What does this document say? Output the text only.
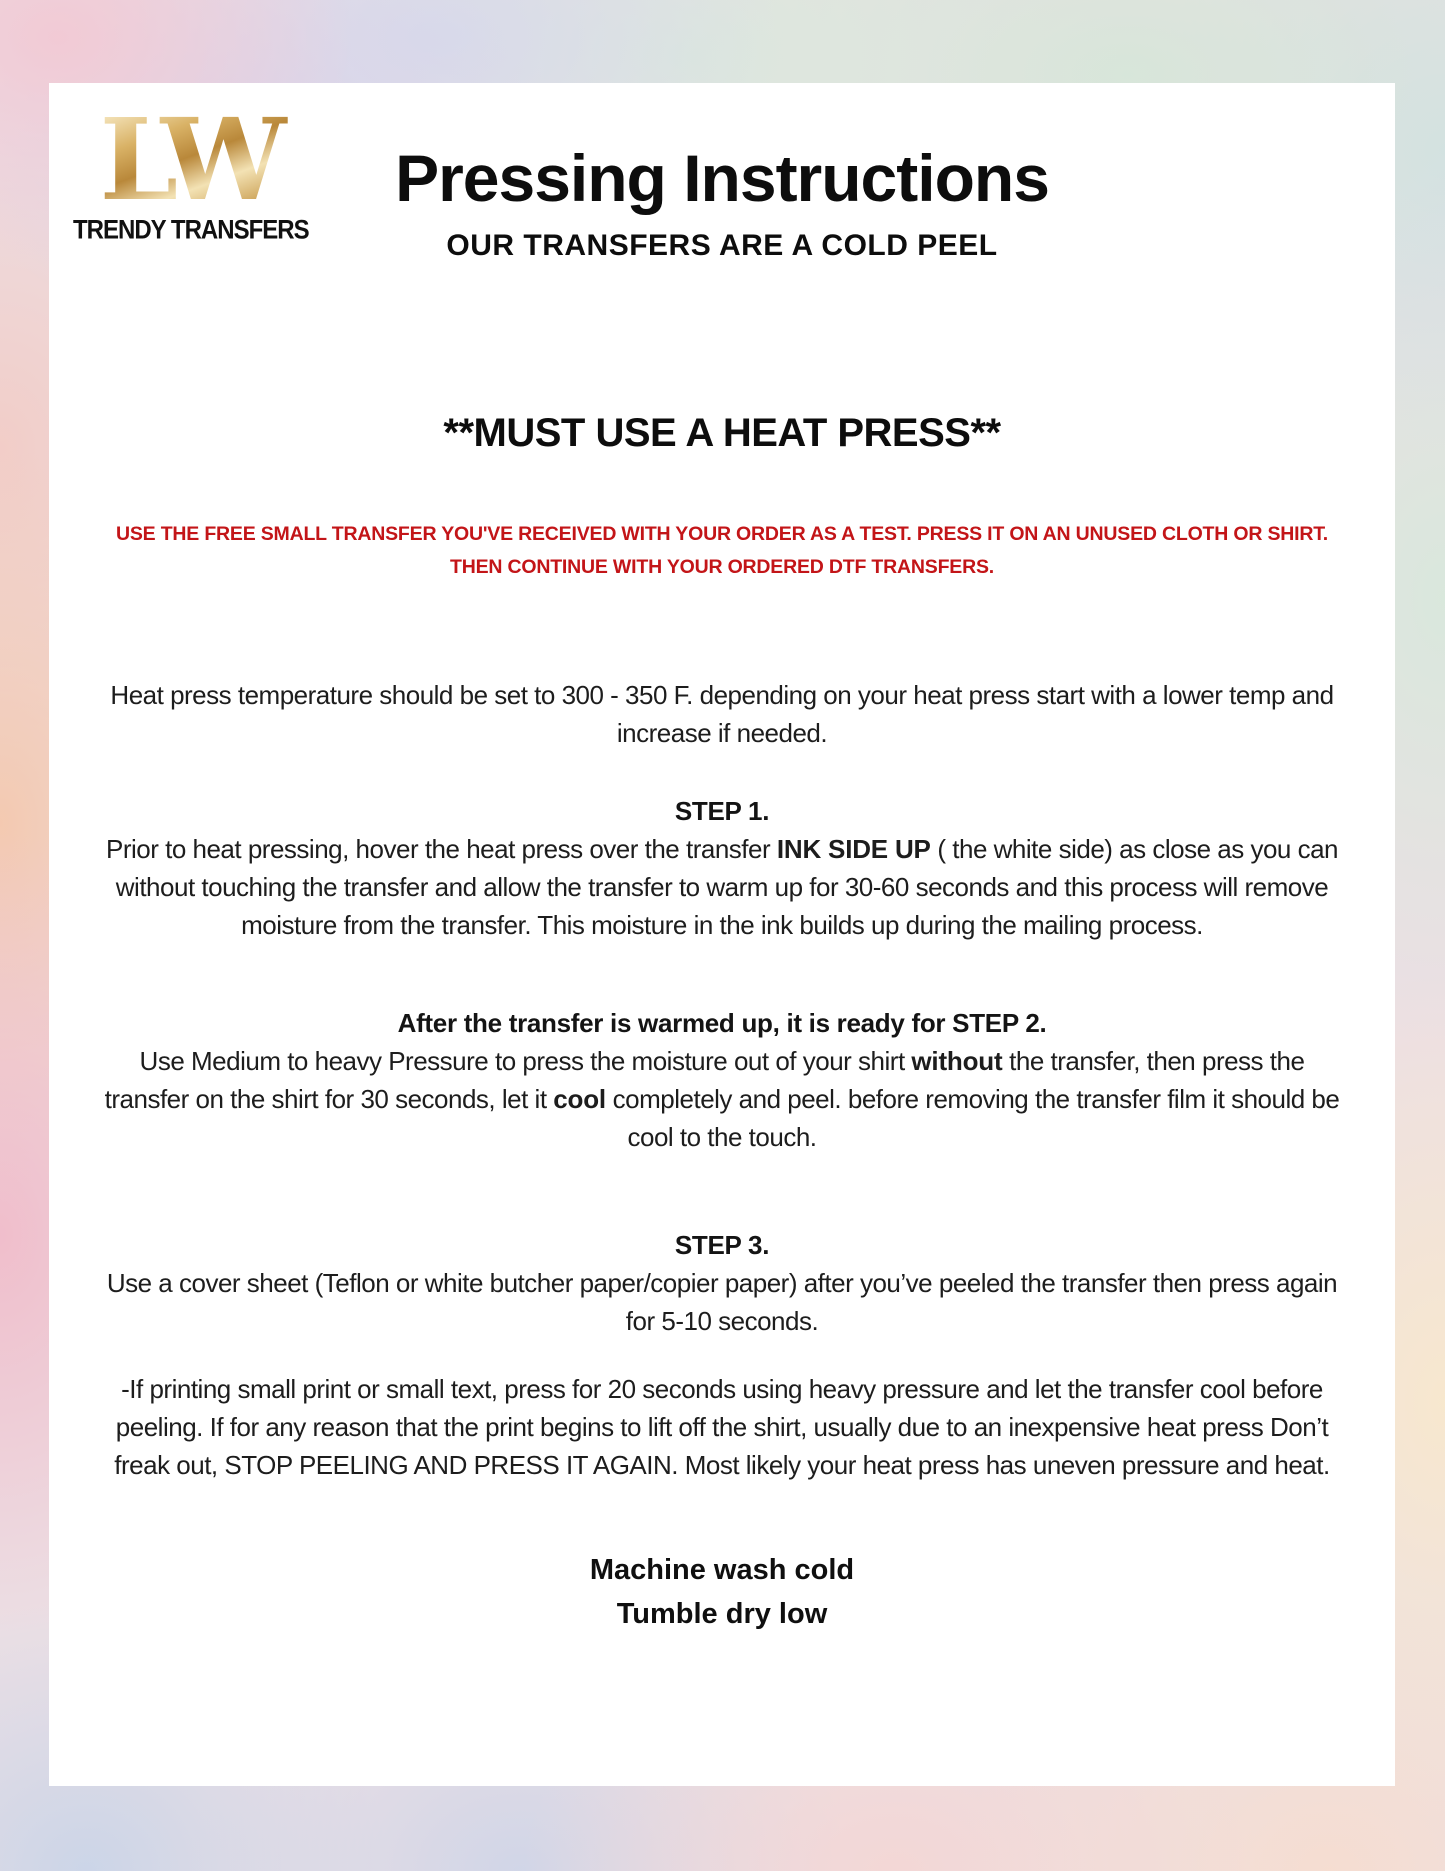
LW
TRENDY TRANSFERS
Pressing Instructions
OUR TRANSFERS ARE A COLD PEEL
**MUST USE A HEAT PRESS**
USE THE FREE SMALL TRANSFER YOU'VE RECEIVED WITH YOUR ORDER AS A TEST. PRESS IT ON AN UNUSED CLOTH OR SHIRT.
THEN CONTINUE WITH YOUR ORDERED DTF TRANSFERS.
Heat press temperature should be set to 300 - 350 F. depending on your heat press start with a lower temp and increase if needed.
STEP 1.
Prior to heat pressing, hover the heat press over the transfer INK SIDE UP ( the white side) as close as you can without touching the transfer and allow the transfer to warm up for 30-60 seconds and this process will remove moisture from the transfer. This moisture in the ink builds up during the mailing process.
After the transfer is warmed up, it is ready for STEP 2.
Use Medium to heavy Pressure to press the moisture out of your shirt without the transfer, then press the transfer on the shirt for 30 seconds, let it cool completely and peel. before removing the transfer film it should be cool to the touch.
STEP 3.
Use a cover sheet (Teflon or white butcher paper/copier paper) after you’ve peeled the transfer then press again for 5-10 seconds.
-If printing small print or small text, press for 20 seconds using heavy pressure and let the transfer cool before peeling. If for any reason that the print begins to lift off the shirt, usually due to an inexpensive heat press Don’t freak out, STOP PEELING AND PRESS IT AGAIN. Most likely your heat press has uneven pressure and heat.
Machine wash cold
Tumble dry low
